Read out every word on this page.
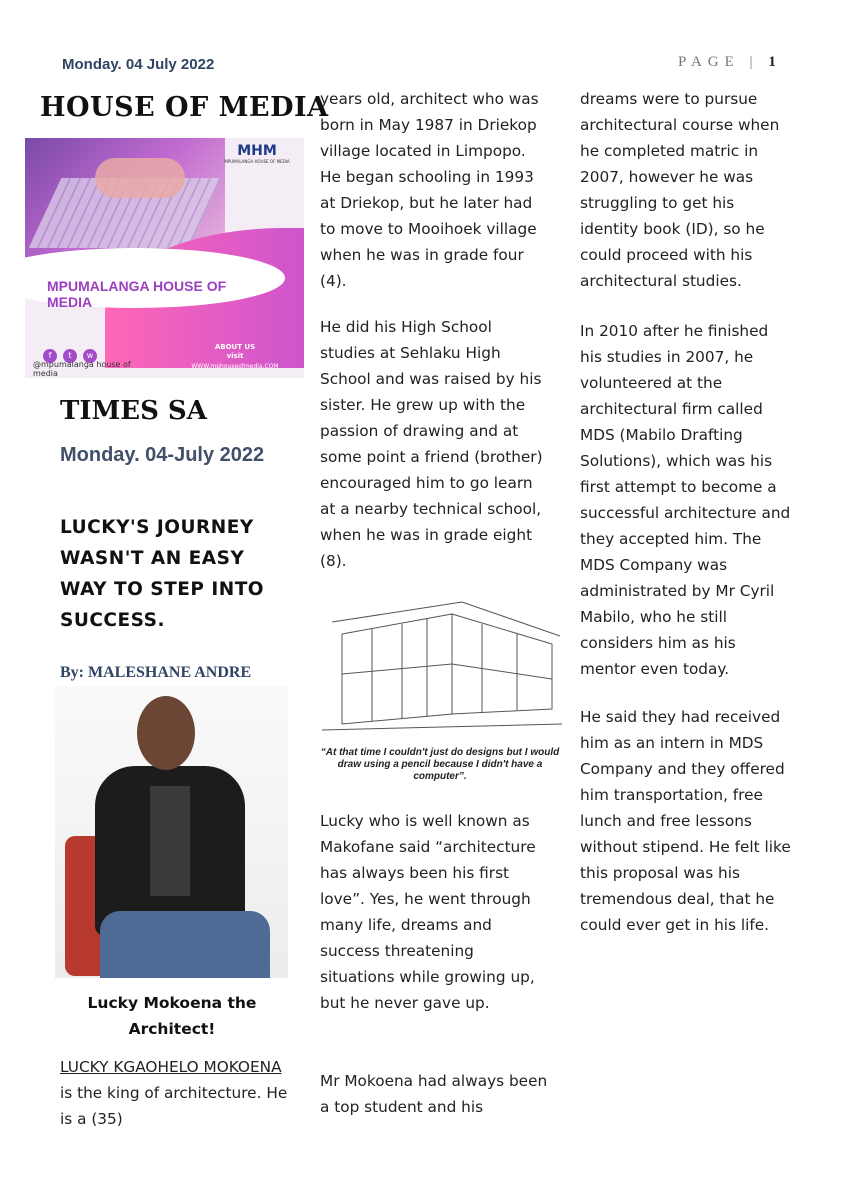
Monday. 04 July 2022	PAGE | 1
HOUSE OF MEDIA
MHM
MPUMALANGA HOUSE OF MEDIA
MPUMALANGA HOUSE OF MEDIA
f t w
@mpumalanga house of media
ABOUT US
visit
WWW.mphouseofmedia.COM
TIMES SA
Monday. 04-July 2022
LUCKY'S JOURNEY WASN'T AN EASY WAY TO STEP INTO SUCCESS.
By: MALESHANE ANDRE
Lucky Mokoena the Architect!
LUCKY KGAOHELO MOKOENA is the king of architecture. He is a (35)
years old, architect who was born in May 1987 in Driekop village located in Limpopo. He began schooling in 1993 at Driekop, but he later had to move to Mooihoek village when he was in grade four (4).
He did his High School studies at Sehlaku High School and was raised by his sister. He grew up with the passion of drawing and at some point a friend (brother) encouraged him to go learn at a nearby technical school, when he was in grade eight (8).
“At that time I couldn't just do designs but I would draw using a pencil because I didn't have a computer”.
Lucky who is well known as Makofane said “architecture has always been his first love”. Yes, he went through many life, dreams and success threatening situations while growing up, but he never gave up.
Mr Mokoena had always been a top student and his
dreams were to pursue architectural course when he completed matric in 2007, however he was struggling to get his identity book (ID), so he could proceed with his architectural studies.
In 2010 after he finished his studies in 2007, he volunteered at the architectural firm called MDS (Mabilo Drafting Solutions), which was his first attempt to become a successful architecture and they accepted him. The MDS Company was administrated by Mr Cyril Mabilo, who he still considers him as his mentor even today.
He said they had received him as an intern in MDS Company and they offered him transportation, free lunch and free lessons without stipend. He felt like this proposal was his tremendous deal, that he could ever get in his life.
